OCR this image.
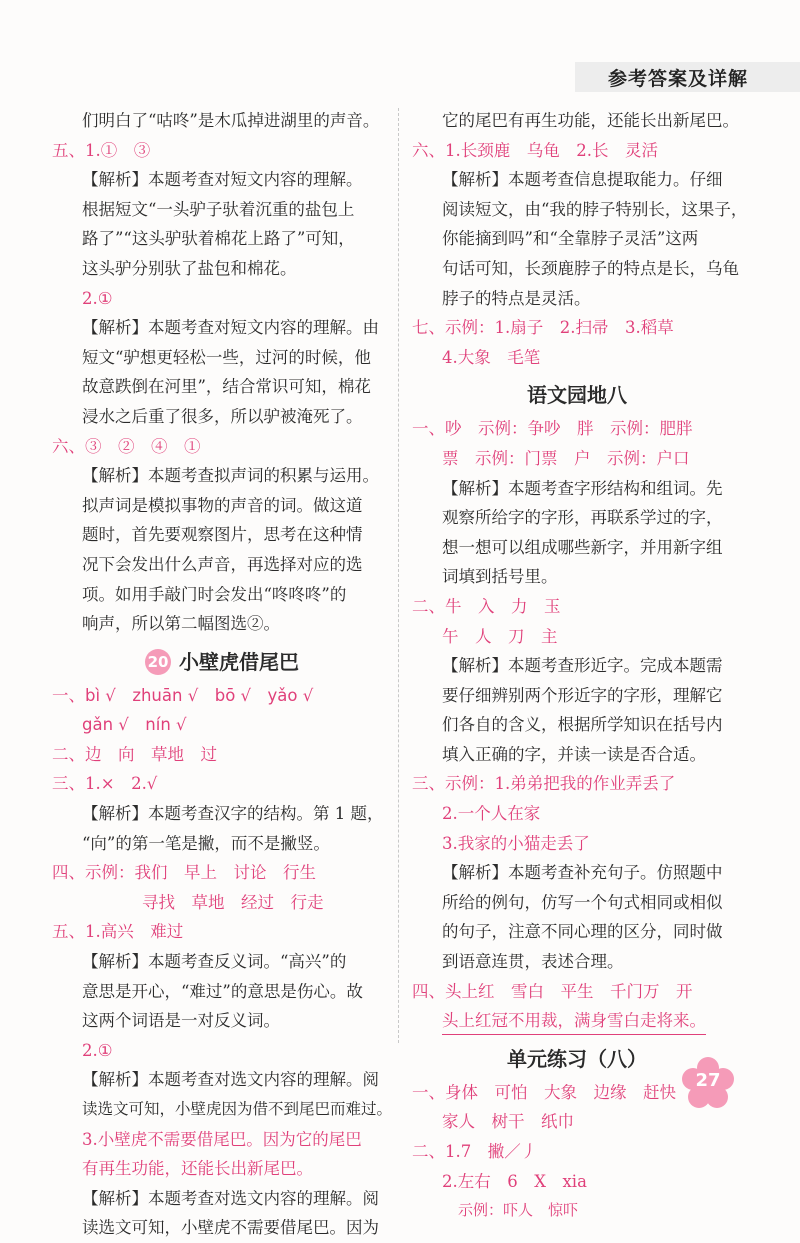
参考答案及详解
们明白了“咕咚”是木瓜掉进湖里的声音。
五、1.①　③
【解析】本题考查对短文内容的理解。
根据短文“一头驴子驮着沉重的盐包上
路了”“这头驴驮着棉花上路了”可知，
这头驴分别驮了盐包和棉花。
2.①
【解析】本题考查对短文内容的理解。由
短文“驴想更轻松一些，过河的时候，他
故意跌倒在河里”，结合常识可知，棉花
浸水之后重了很多，所以驴被淹死了。
六、③　②　④　①
【解析】本题考查拟声词的积累与运用。
拟声词是模拟事物的声音的词。做这道
题时，首先要观察图片，思考在这种情
况下会发出什么声音，再选择对应的选
项。如用手敲门时会发出“咚咚咚”的
响声，所以第二幅图选②。
20 小壁虎借尾巴
一、bì √　zhuān √　bō √　yǎo √
gǎn √　nín √
二、边　向　草地　过
三、1.×　2.√
【解析】本题考查汉字的结构。第 1 题，
“向”的第一笔是撇，而不是撇竖。
四、示例：我们　早上　讨论　行生
寻找　草地　经过　行走
五、1.高兴　难过
【解析】本题考查反义词。“高兴”的
意思是开心，“难过”的意思是伤心。故
这两个词语是一对反义词。
2.①
【解析】本题考查对选文内容的理解。阅
读选文可知，小壁虎因为借不到尾巴而难过。
3.小壁虎不需要借尾巴。因为它的尾巴
有再生功能，还能长出新尾巴。
【解析】本题考查对选文内容的理解。阅
读选文可知，小壁虎不需要借尾巴。因为
它的尾巴有再生功能，还能长出新尾巴。
六、1.长颈鹿　乌龟　2.长　灵活
【解析】本题考查信息提取能力。仔细
阅读短文，由“我的脖子特别长，这果子，
你能摘到吗”和“全靠脖子灵活”这两
句话可知，长颈鹿脖子的特点是长，乌龟
脖子的特点是灵活。
七、示例：1.扇子　2.扫帚　3.稻草
4.大象　毛笔
语文园地八
一、吵　示例：争吵　胖　示例：肥胖
票　示例：门票　户　示例：户口
【解析】本题考查字形结构和组词。先
观察所给字的字形，再联系学过的字，
想一想可以组成哪些新字，并用新字组
词填到括号里。
二、牛　入　力　玉
午　人　刀　主
【解析】本题考查形近字。完成本题需
要仔细辨别两个形近字的字形，理解它
们各自的含义，根据所学知识在括号内
填入正确的字，并读一读是否合适。
三、示例：1.弟弟把我的作业弄丢了
2.一个人在家
3.我家的小猫走丢了
【解析】本题考查补充句子。仿照题中
所给的例句，仿写一个句式相同或相似
的句子，注意不同心理的区分，同时做
到语意连贯，表述合理。
四、头上红　雪白　平生　千门万　开
头上红冠不用裁，满身雪白走将来。
单元练习（八）
一、身体　可怕　大象　边缘　赶快
家人　树干　纸巾
二、1.7　撇／丿
2.左右　6　X　xia
示例：吓人　惊吓
27
